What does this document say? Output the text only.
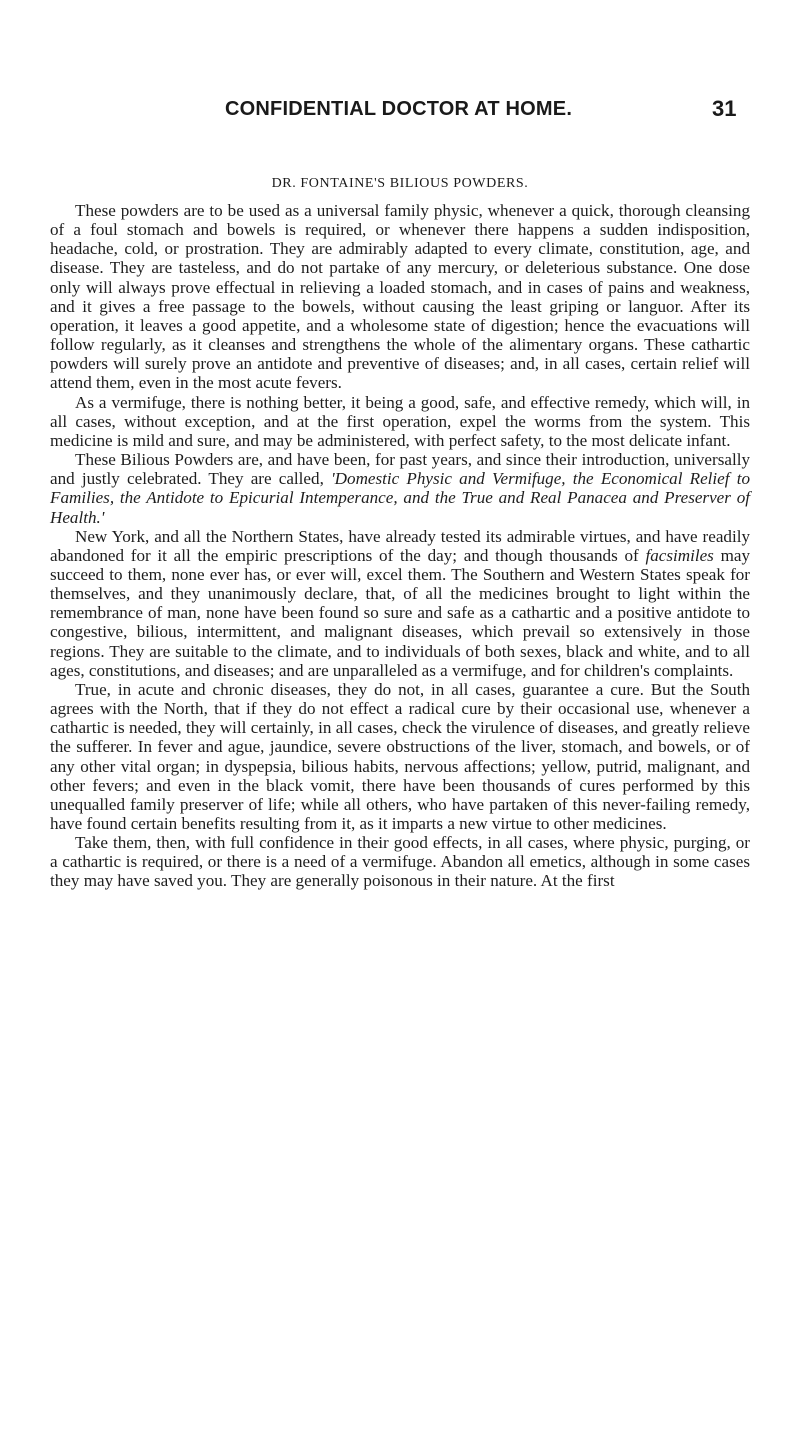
CONFIDENTIAL DOCTOR AT HOME.	31
DR. FONTAINE'S BILIOUS POWDERS.

These powders are to be used as a universal family physic, whenever a quick, thorough cleansing of a foul stomach and bowels is required, or whenever there happens a sudden indisposition, headache, cold, or prostration. They are admirably adapted to every climate, constitution, age, and disease. They are tasteless, and do not partake of any mercury, or deleterious substance. One dose only will always prove effectual in relieving a loaded stomach, and in cases of pains and weakness, and it gives a free passage to the bowels, without causing the least griping or languor. After its operation, it leaves a good appetite, and a wholesome state of digestion; hence the evacuations will follow regularly, as it cleanses and strengthens the whole of the alimentary organs. These cathartic powders will surely prove an antidote and preventive of diseases; and, in all cases, certain relief will attend them, even in the most acute fevers.

As a vermifuge, there is nothing better, it being a good, safe, and effective remedy, which will, in all cases, without exception, and at the first operation, expel the worms from the system. This medicine is mild and sure, and may be administered, with perfect safety, to the most delicate infant.

These Bilious Powders are, and have been, for past years, and since their introduction, universally and justly celebrated. They are called, 'Domestic Physic and Vermifuge, the Economical Relief to Families, the Antidote to Epicurial Intemperance, and the True and Real Panacea and Preserver of Health.'

New York, and all the Northern States, have already tested its admirable virtues, and have readily abandoned for it all the empiric prescriptions of the day; and though thousands of facsimiles may succeed to them, none ever has, or ever will, excel them. The Southern and Western States speak for themselves, and they unanimously declare, that, of all the medicines brought to light within the remembrance of man, none have been found so sure and safe as a cathartic and a positive antidote to congestive, bilious, intermittent, and malignant diseases, which prevail so extensively in those regions. They are suitable to the climate, and to individuals of both sexes, black and white, and to all ages, constitutions, and diseases; and are unparalleled as a vermifuge, and for children's complaints.

True, in acute and chronic diseases, they do not, in all cases, guarantee a cure. But the South agrees with the North, that if they do not effect a radical cure by their occasional use, whenever a cathartic is needed, they will certainly, in all cases, check the virulence of diseases, and greatly relieve the sufferer. In fever and ague, jaundice, severe obstructions of the liver, stomach, and bowels, or of any other vital organ; in dyspepsia, bilious habits, nervous affections; yellow, putrid, malignant, and other fevers; and even in the black vomit, there have been thousands of cures performed by this unequalled family preserver of life; while all others, who have partaken of this never-failing remedy, have found certain benefits resulting from it, as it imparts a new virtue to other medicines.

Take them, then, with full confidence in their good effects, in all cases, where physic, purging, or a cathartic is required, or there is a need of a vermifuge. Abandon all emetics, although in some cases they may have saved you. They are generally poisonous in their nature. At the first
